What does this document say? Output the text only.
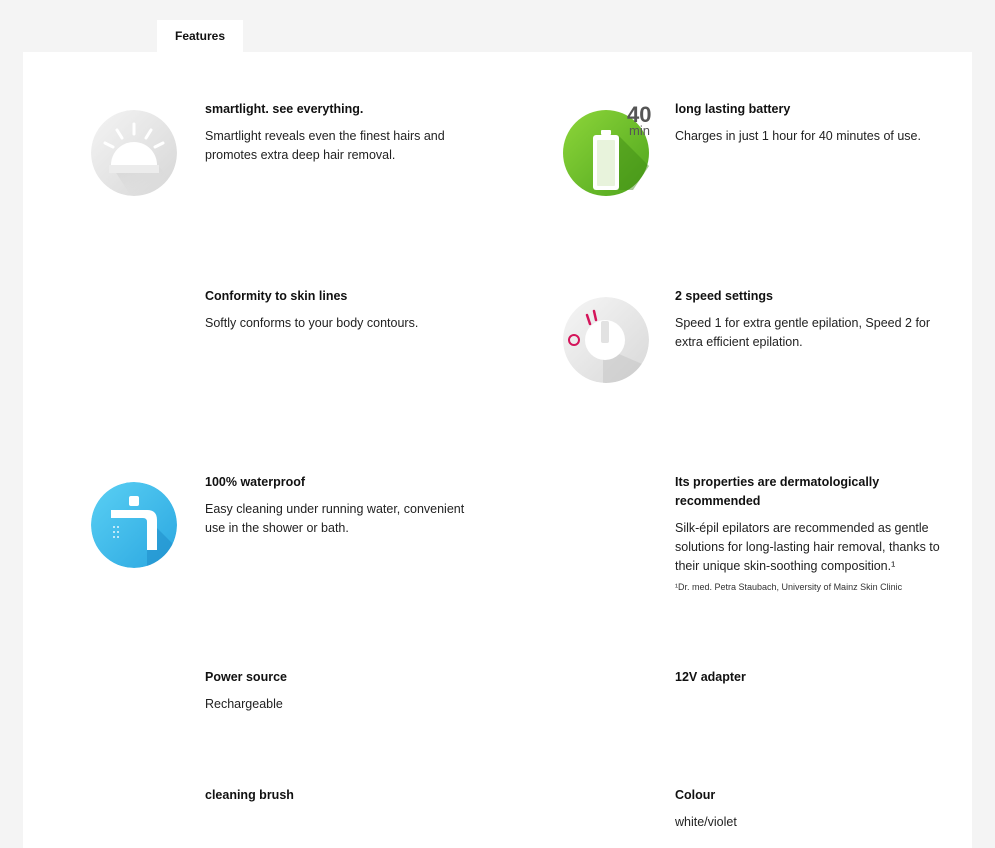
Features
40
min
smartlight. see everything.

Smartlight reveals even the finest hairs and promotes extra deep hair removal.

long lasting battery

Charges in just 1 hour for 40 minutes of use.

Conformity to skin lines

Softly conforms to your body contours.

2 speed settings

Speed 1 for extra gentle epilation, Speed 2 for extra efficient epilation.

100% waterproof

Easy cleaning under running water, convenient use in the shower or bath.

Its properties are dermatologically recommended

Silk-épil epilators are recommended as gentle solutions for long-lasting hair removal, thanks to their unique skin-soothing composition.¹

¹Dr. med. Petra Staubach, University of Mainz Skin Clinic

Power source

Rechargeable

12V adapter
cleaning brush	Colour

white/violet
